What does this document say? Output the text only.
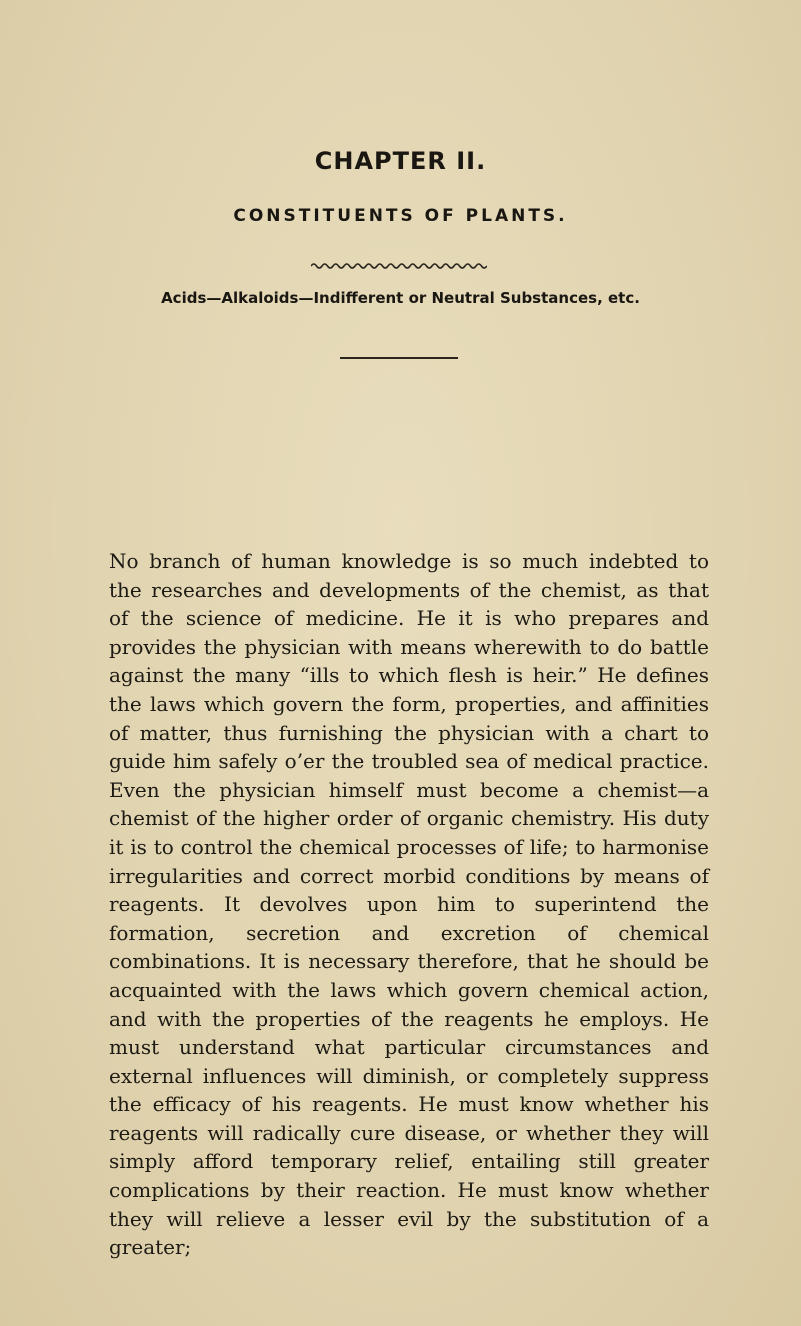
CHAPTER II.
CONSTITUENTS OF PLANTS.
Acids—Alkaloids—Indifferent or Neutral Substances, etc.

No branch of human knowledge is so much indebted to the researches and developments of the chemist, as that of the science of medicine. He it is who prepares and provides the physician with means wherewith to do battle against the many “ills to which flesh is heir.” He defines the laws which govern the form, properties, and affinities of matter, thus furnishing the physician with a chart to guide him safely o’er the troubled sea of medical practice. Even the physician himself must become a chemist—a chemist of the higher order of organic chemistry. His duty it is to control the chemical processes of life; to harmonise irregularities and correct morbid conditions by means of reagents. It devolves upon him to superintend the formation, secretion and excretion of chemical combinations. It is necessary therefore, that he should be acquainted with the laws which govern chemical action, and with the properties of the reagents he employs. He must understand what particular circumstances and external influences will diminish, or completely suppress the efficacy of his reagents. He must know whether his reagents will radically cure disease, or whether they will simply afford temporary relief, entailing still greater complications by their reaction. He must know whether they will relieve a lesser evil by the substitution of a greater;
